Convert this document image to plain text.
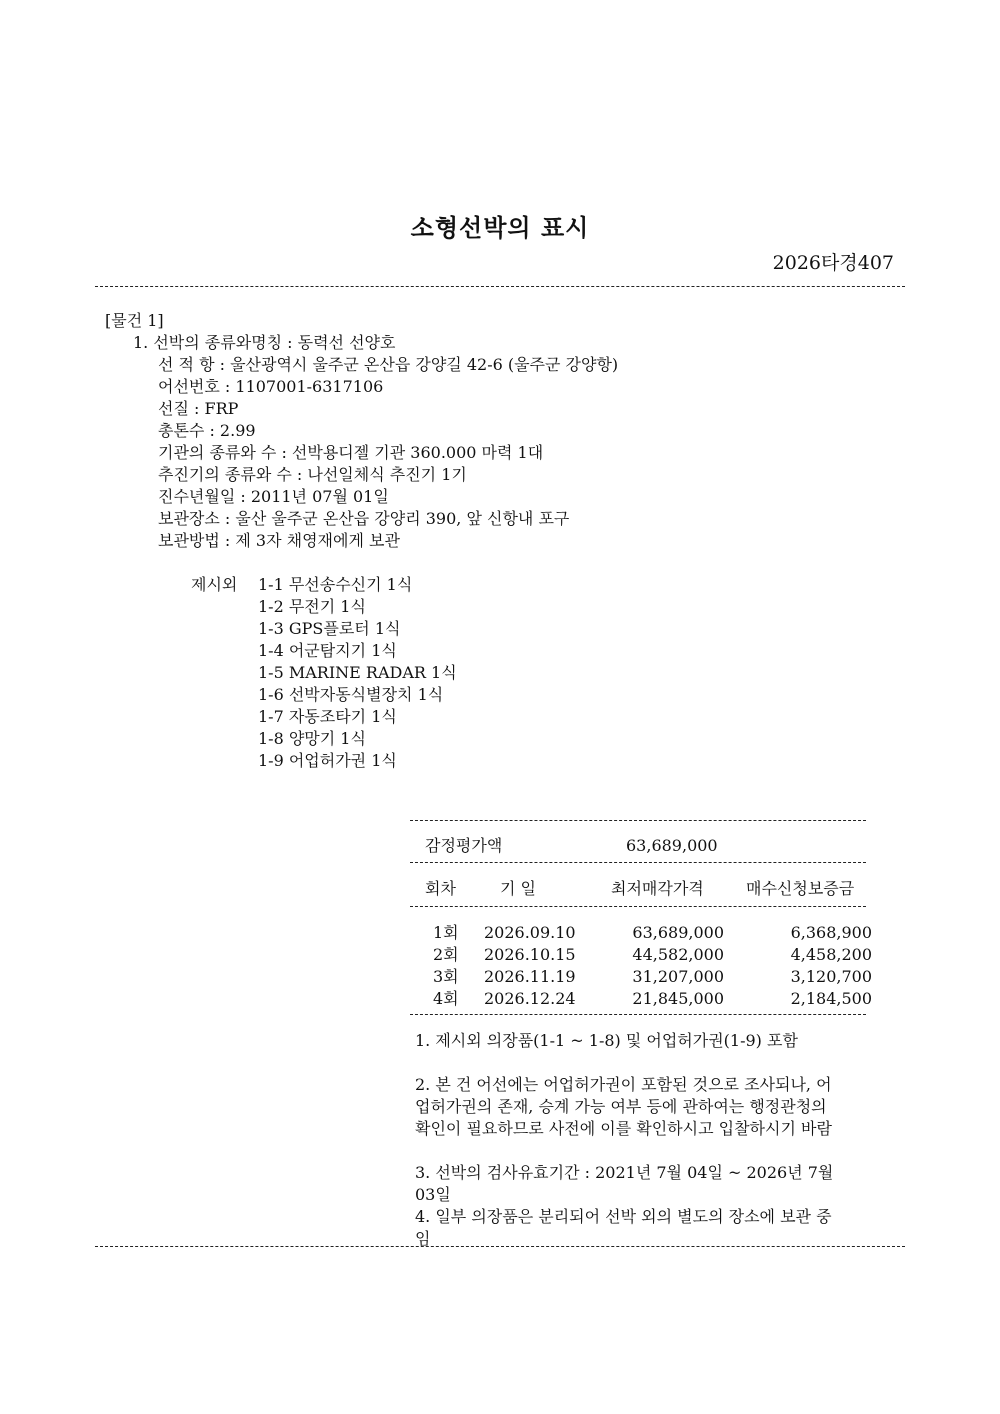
소형선박의 표시
2026타경407
[물건 1]
1. 선박의 종류와명칭 : 동력선 선양호
선 적 항 : 울산광역시 울주군 온산읍 강양길 42-6 (울주군 강양항)
어선번호 : 1107001-6317106
선질 : FRP
총톤수 : 2.99
기관의 종류와 수 : 선박용디젤 기관 360.000 마력 1대
추진기의 종류와 수 : 나선일체식 추진기 1기
진수년월일 : 2011년 07월 01일
보관장소 : 울산 울주군 온산읍 강양리 390, 앞 신항내 포구
보관방법 : 제 3자 채영재에게 보관
제시외 1-1 무선송수신기 1식
1-2 무전기 1식
1-3 GPS플로터 1식
1-4 어군탐지기 1식
1-5 MARINE RADAR 1식
1-6 선박자동식별장치 1식
1-7 자동조타기 1식
1-8 양망기 1식
1-9 어업허가권 1식
감정평가액	63,689,000
회차	기 일	최저매각가격	매수신청보증금
1회 2026.09.10	63,689,000	6,368,900
2회 2026.10.15	44,582,000	4,458,200
3회 2026.11.19	31,207,000	3,120,700
4회 2026.12.24	21,845,000	2,184,500
1. 제시외 의장품(1-1 ~ 1-8) 및 어업허가권(1-9) 포함
2. 본 건 어선에는 어업허가권이 포함된 것으로 조사되나, 어업허가권의 존재, 승계 가능 여부 등에 관하여는 행정관청의 확인이 필요하므로 사전에 이를 확인하시고 입찰하시기 바람
3. 선박의 검사유효기간 : 2021년 7월 04일 ~ 2026년 7월 03일
4. 일부 의장품은 분리되어 선박 외의 별도의 장소에 보관 중임
